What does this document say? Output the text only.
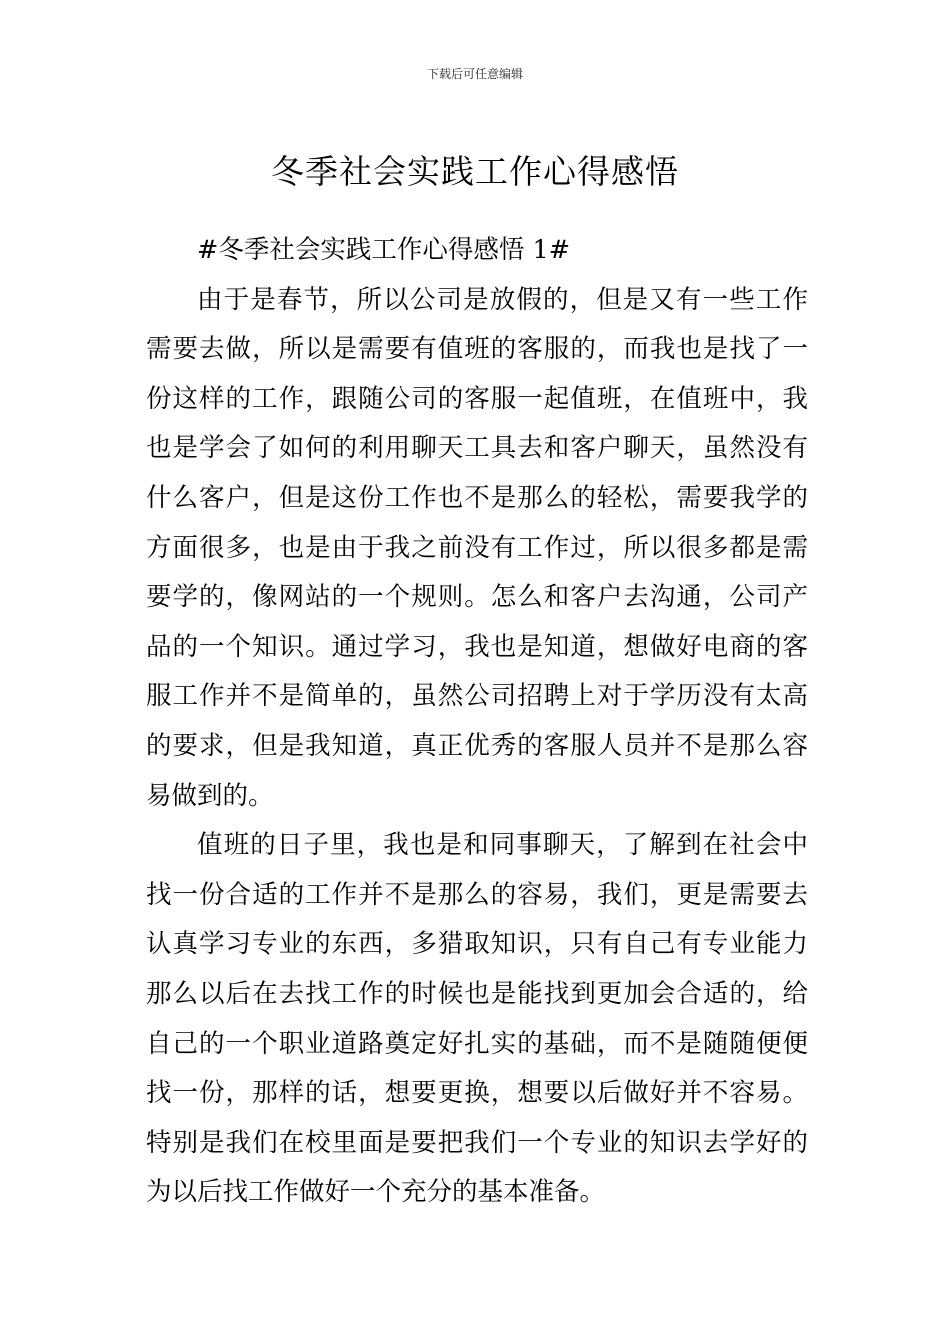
下载后可任意编辑
冬季社会实践工作心得感悟

#冬季社会实践工作心得感悟 1#

由于是春节，所以公司是放假的，但是又有一些工作需要去做，所以是需要有值班的客服的，而我也是找了一份这样的工作，跟随公司的客服一起值班，在值班中，我也是学会了如何的利用聊天工具去和客户聊天，虽然没有什么客户，但是这份工作也不是那么的轻松，需要我学的方面很多，也是由于我之前没有工作过，所以很多都是需要学的，像网站的一个规则。怎么和客户去沟通，公司产品的一个知识。通过学习，我也是知道，想做好电商的客服工作并不是简单的，虽然公司招聘上对于学历没有太高的要求，但是我知道，真正优秀的客服人员并不是那么容易做到的。

值班的日子里，我也是和同事聊天，了解到在社会中找一份合适的工作并不是那么的容易，我们，更是需要去认真学习专业的东西，多猎取知识，只有自己有专业能力那么以后在去找工作的时候也是能找到更加会合适的，给自己的一个职业道路奠定好扎实的基础，而不是随随便便找一份，那样的话，想要更换，想要以后做好并不容易。特别是我们在校里面是要把我们一个专业的知识去学好的为以后找工作做好一个充分的基本准备。
